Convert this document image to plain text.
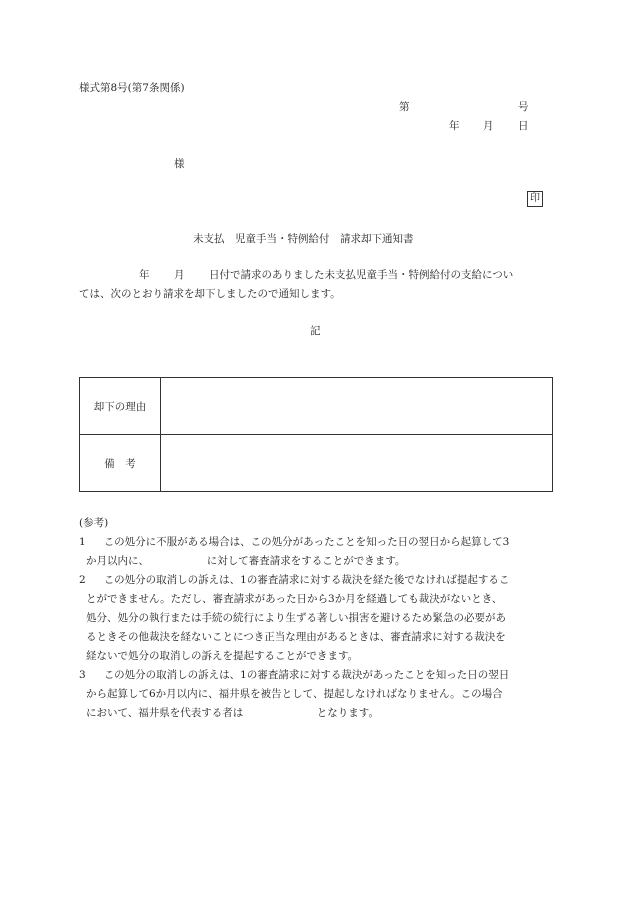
様式第8号(第7条関係)
第	号
年 月 日
様
印
未支払　児童手当・特例給付　請求却下通知書
年 月 日付で請求のありました未支払児童手当・特例給付の支給につい
ては、次のとおり請求を却下しましたので通知します。
記
却下の理由	
備　考	
(参考)
1 この処分に不服がある場合は、この処分があったことを知った日の翌日から起算して3
か月以内に、　　　　　　に対して審査請求をすることができます。
2 この処分の取消しの訴えは、1の審査請求に対する裁決を経た後でなければ提起するこ
とができません。ただし、審査請求があった日から3か月を経過しても裁決がないとき、
処分、処分の執行または手続の続行により生ずる著しい損害を避けるため緊急の必要があ
るときその他裁決を経ないことにつき正当な理由があるときは、審査請求に対する裁決を
経ないで処分の取消しの訴えを提起することができます。
3 この処分の取消しの訴えは、1の審査請求に対する裁決があったことを知った日の翌日
から起算して6か月以内に、福井県を被告として、提起しなければなりません。この場合
において、福井県を代表する者は　　　　　　　となります。
